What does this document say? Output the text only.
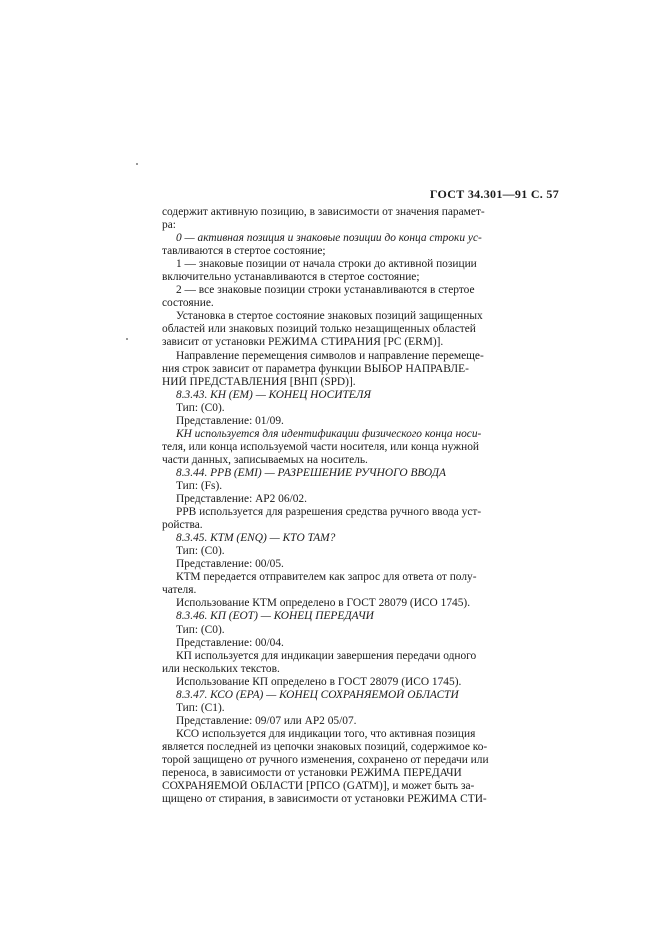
ГОСТ 34.301—91 С. 57
содержит активную позицию, в зависимости от значения парамет-
ра:
0 — активная позиция и знаковые позиции до конца строки ус-
тавливаются в стертое состояние;
1 — знаковые позиции от начала строки до активной позиции
включительно устанавливаются в стертое состояние;
2 — все знаковые позиции строки устанавливаются в стертое
состояние.
Установка в стертое состояние знаковых позиций защищенных
областей или знаковых позиций только незащищенных областей
зависит от установки РЕЖИМА СТИРАНИЯ [РС (ERM)].
Направление перемещения символов и направление перемеще-
ния строк зависит от параметра функции ВЫБОР НАПРАВЛЕ-
НИЙ ПРЕДСТАВЛЕНИЯ [ВНП (SPD)].
8.3.43. КН (ЕМ) — КОНЕЦ НОСИТЕЛЯ
Тип: (С0).
Представление: 01/09.
КН используется для идентификации физического конца носи-
теля, или конца используемой части носителя, или конца нужной
части данных, записываемых на носитель.
8.3.44. РРВ (EMI) — РАЗРЕШЕНИЕ РУЧНОГО ВВОДА
Тип: (Fs).
Представление: АР2 06/02.
РРВ используется для разрешения средства ручного ввода уст-
ройства.
8.3.45. КТМ (ENQ) — КТО ТАМ?
Тип: (С0).
Представление: 00/05.
КТМ передается отправителем как запрос для ответа от полу-
чателя.
Использование КТМ определено в ГОСТ 28079 (ИСО 1745).
8.3.46. КП (EOT) — КОНЕЦ ПЕРЕДАЧИ
Тип: (С0).
Представление: 00/04.
КП используется для индикации завершения передачи одного
или нескольких текстов.
Использование КП определено в ГОСТ 28079 (ИСО 1745).
8.3.47. КСО (ЕРА) — КОНЕЦ СОХРАНЯЕМОЙ ОБЛАСТИ
Тип: (С1).
Представление: 09/07 или АР2 05/07.
КСО используется для индикации того, что активная позиция
является последней из цепочки знаковых позиций, содержимое ко-
торой защищено от ручного изменения, сохранено от передачи или
переноса, в зависимости от установки РЕЖИМА ПЕРЕДАЧИ
СОХРАНЯЕМОЙ ОБЛАСТИ [РПСО (GATM)], и может быть за-
щищено от стирания, в зависимости от установки РЕЖИМА СТИ-
